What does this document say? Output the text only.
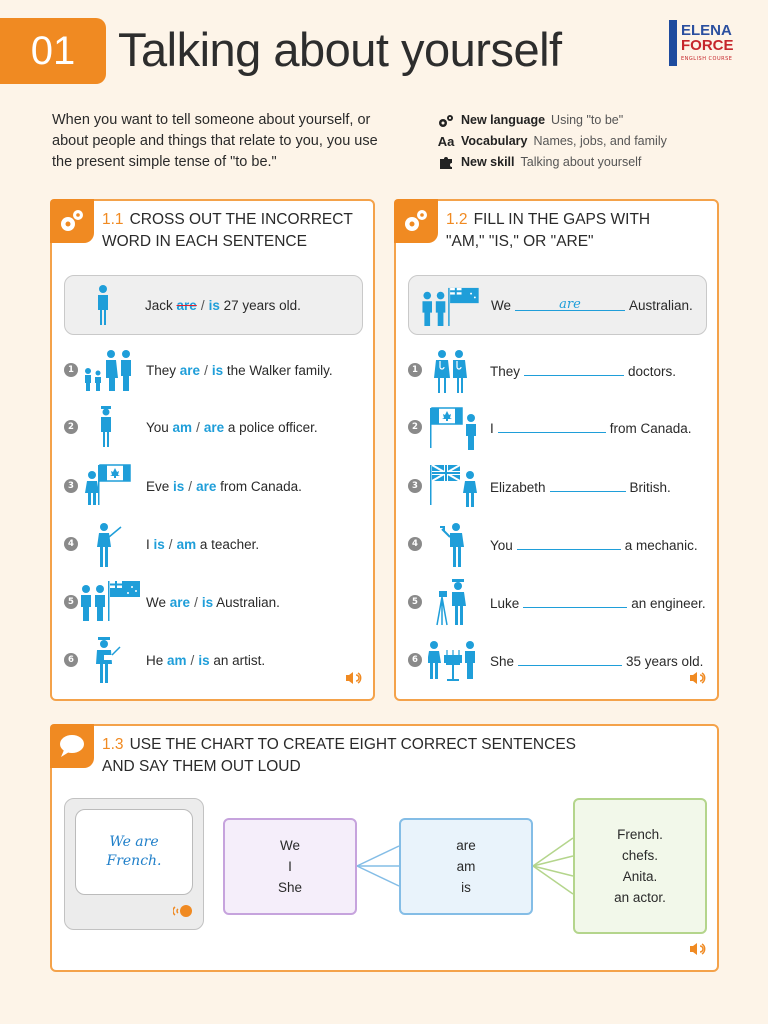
01 Talking about yourself	ELENA
FORCE
ENGLISH COURSE
When you want to tell someone about yourself, or about people and things that relate to you, you use the present simple tense of "to be."
New language Using "to be"
Aa Vocabulary Names, jobs, and family
New skill Talking about yourself
1.1 CROSS OUT THE INCORRECT
WORD IN EACH SENTENCE
Jack are / is 27 years old.
1	They are / is the Walker family.
2	You am / are a police officer.
3	Eve is / are from Canada.
4	I is / am a teacher.
5	We are / is Australian.
6	He am / is an artist.
1.2 FILL IN THE GAPS WITH
"AM," "IS," OR "ARE"
We	are	Australian.
1	They	doctors.
2	I	from Canada.
3	Elizabeth	British.
4	You	a mechanic.
5	Luke	an engineer.
6	She	35 years old.
1.3 USE THE CHART TO CREATE EIGHT CORRECT SENTENCES
AND SAY THEM OUT LOUD
We are
French.
We
I
She
are
am
is
French.
chefs.
Anita.
an actor.
